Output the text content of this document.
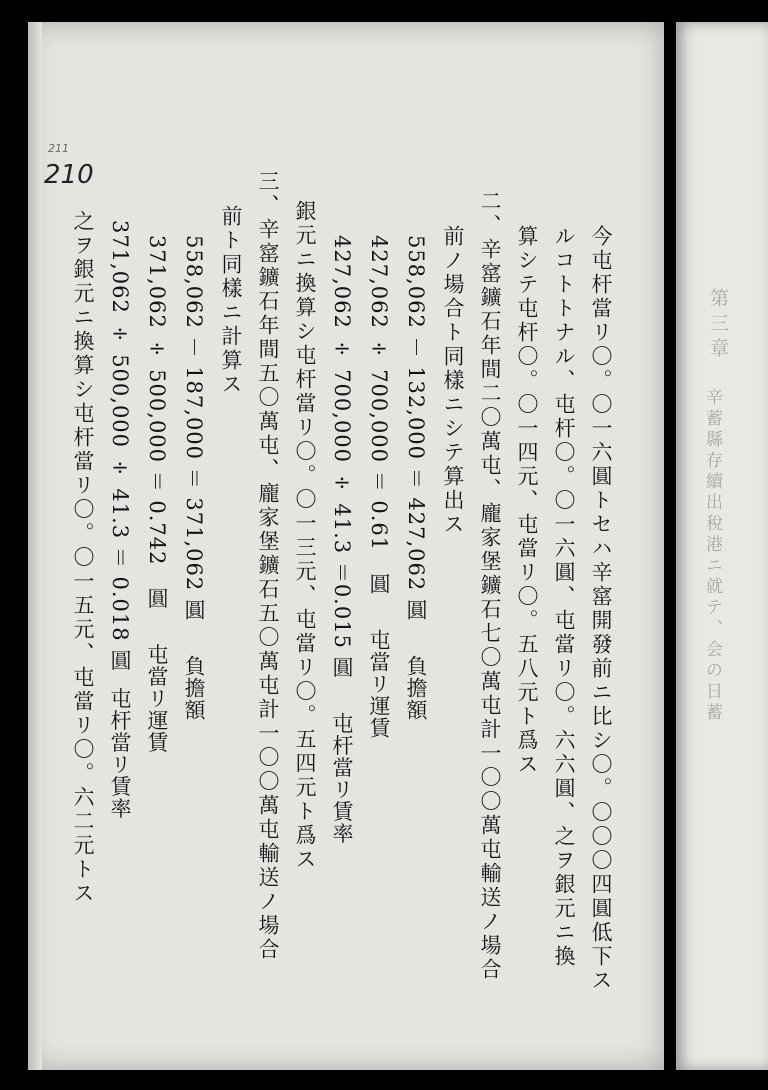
第三章
辛蓄縣存續出稅港ニ就テ、会の日蓄
211
210
今屯杆當リ〇。〇一六圓トセハ辛窰開發前ニ比シ〇。〇〇〇四圓低下ス
ルコトトナル、屯杆〇。〇一六圓、屯當リ〇。六六圓、之ヲ銀元ニ換
算シテ屯杆〇。〇一四元、屯當リ〇。五八元ト爲ス
二、辛窰鑛石年間二〇萬屯、龐家堡鑛石七〇萬屯計一〇〇萬屯輸送ノ場合
前ノ場合ト同樣ニシテ算出ス
558,062 － 132,000 ＝ 427,062 圓負擔額
427,062 ÷ 700,000 ＝ 0.61　圓屯當リ運賃
427,062 ÷ 700,000 ÷ 41.3 ＝0.015 圓屯杆當リ賃率
銀元ニ換算シ屯杆當リ〇。〇一三元、屯當リ〇。五四元ト爲ス
三、辛窰鑛石年間五〇萬屯、龐家堡鑛石五〇萬屯計一〇〇萬屯輸送ノ場合
前ト同樣ニ計算ス
558,062 － 187,000 ＝ 371,062 圓負擔額
371,062 ÷ 500,000 ＝ 0.742　圓屯當リ運賃
371,062 ÷ 500,000 ÷ 41.3 ＝ 0.018 圓屯杆當リ賃率
之ヲ銀元ニ換算シ屯杆當リ〇。〇一五元、屯當リ〇。六二元トス
